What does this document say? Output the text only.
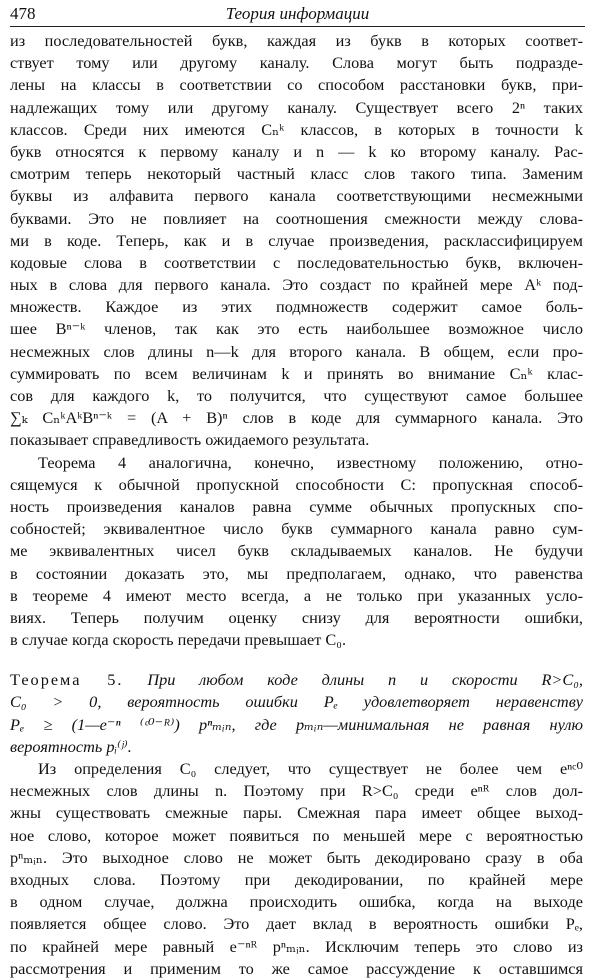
478	Теория информации
из последовательностей букв, каждая из букв в которых соответ-
ствует тому или другому каналу. Слова могут быть подразде-
лены на классы в соответствии со способом расстановки букв, при-
надлежащих тому или другому каналу. Существует всего 2ⁿ таких
классов. Среди них имеются Cₙᵏ классов, в которых в точности k
букв относятся к первому каналу и n — k ко второму каналу. Рас-
смотрим теперь некоторый частный класс слов такого типа. Заменим
буквы из алфавита первого канала соответствующими несмежными
буквами. Это не повлияет на соотношения смежности между слова-
ми в коде. Теперь, как и в случае произведения, расклассифицируем
кодовые слова в соответствии с последовательностью букв, включен-
ных в слова для первого канала. Это создаст по крайней мере Aᵏ под-
множеств. Каждое из этих подмножеств содержит самое боль-
шее Bⁿ⁻ᵏ членов, так как это есть наибольшее возможное число
несмежных слов длины n—k для второго канала. В общем, если про-
суммировать по всем величинам k и принять во внимание Cₙᵏ клас-
сов для каждого k, то получится, что существуют самое большее
∑ₖ CₙᵏAᵏBⁿ⁻ᵏ = (A + B)ⁿ слов в коде для суммарного канала. Это
показывает справедливость ожидаемого результата.
Теорема 4 аналогична, конечно, известному положению, отно-
сящемуся к обычной пропускной способности C: пропускная способ-
ность произведения каналов равна сумме обычных пропускных спо-
собностей; эквивалентное число букв суммарного канала равно сум-
ме эквивалентных чисел букв складываемых каналов. Не будучи
в состоянии доказать это, мы предполагаем, однако, что равенства
в теореме 4 имеют место всегда, а не только при указанных усло-
виях. Теперь получим оценку снизу для вероятности ошибки,
в случае когда скорость передачи превышает C₀.
Теорема 5. При любом коде длины n и скорости R>C₀,
C₀ > 0, вероятность ошибки Pₑ удовлетворяет неравенству
Pₑ ≥ (1—e⁻ⁿ ⁽ᶜ⁰⁻ᴿ⁾) pⁿₘᵢₙ, где pₘᵢₙ—минимальная не равная нулю
вероятность pᵢ⁽ʲ⁾.
Из определения C₀ следует, что существует не более чем eⁿᶜ⁰
несмежных слов длины n. Поэтому при R>C₀ среди eⁿᴿ слов дол-
жны существовать смежные пары. Смежная пара имеет общее выход-
ное слово, которое может появиться по меньшей мере с вероятностью
pⁿₘᵢₙ. Это выходное слово не может быть декодировано сразу в оба
входных слова. Поэтому при декодировании, по крайней мере
в одном случае, должна происходить ошибка, когда на выходе
появляется общее слово. Это дает вклад в вероятность ошибки Pₑ,
по крайней мере равный e⁻ⁿᴿ pⁿₘᵢₙ. Исключим теперь это слово из
рассмотрения и применим то же самое рассуждение к оставшимся
